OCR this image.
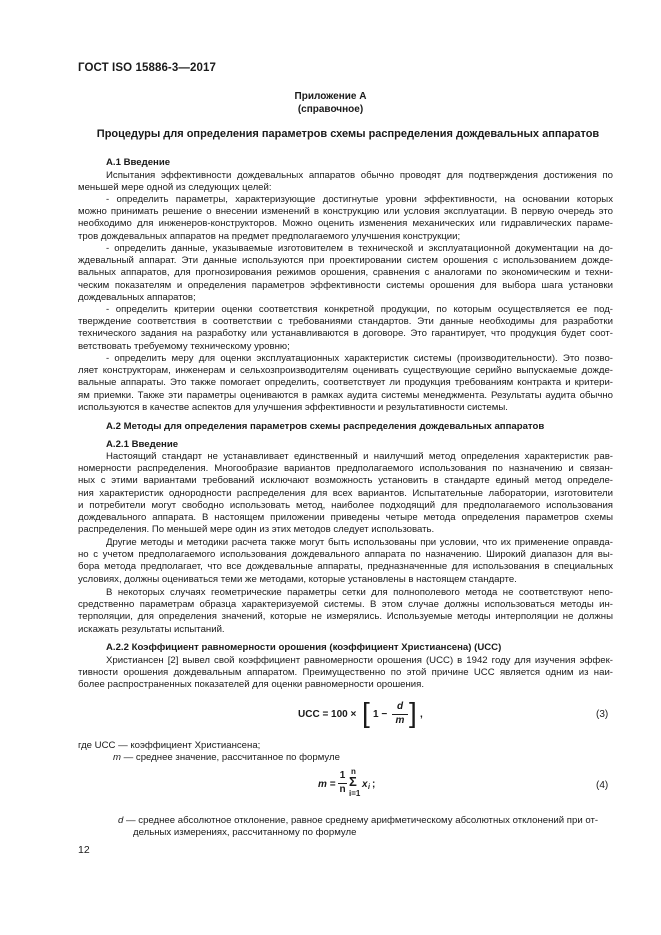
ГОСТ ISO 15886-3—2017
Приложение А
(справочное)
Процедуры для определения параметров схемы распределения дождевальных аппаратов
А.1 Введение
Испытания эффективности дождевальных аппаратов обычно проводят для подтверждения достижения по
меньшей мере одной из следующих целей:
- определить параметры, характеризующие достигнутые уровни эффективности, на основании которых
можно принимать решение о внесении изменений в конструкцию или условия эксплуатации. В первую очередь это
необходимо для инженеров-конструкторов. Можно оценить изменения механических или гидравлических параме-
тров дождевальных аппаратов на предмет предполагаемого улучшения конструкции;
- определить данные, указываемые изготовителем в технической и эксплуатационной документации на до-
ждевальный аппарат. Эти данные используются при проектировании систем орошения с использованием дожде-
вальных аппаратов, для прогнозирования режимов орошения, сравнения с аналогами по экономическим и техни-
ческим показателям и определения параметров эффективности системы орошения для выбора шага установки
дождевальных аппаратов;
- определить критерии оценки соответствия конкретной продукции, по которым осуществляется ее под-
тверждение соответствия в соответствии с требованиями стандартов. Эти данные необходимы для разработки
технического задания на разработку или устанавливаются в договоре. Это гарантирует, что продукция будет соот-
ветствовать требуемому техническому уровню;
- определить меру для оценки эксплуатационных характеристик системы (производительности). Это позво-
ляет конструкторам, инженерам и сельхозпроизводителям оценивать существующие серийно выпускаемые дожде-
вальные аппараты. Это также помогает определить, соответствует ли продукция требованиям контракта и критери-
ям приемки. Также эти параметры оцениваются в рамках аудита системы менеджмента. Результаты аудита обычно
используются в качестве аспектов для улучшения эффективности и результативности системы.
А.2 Методы для определения параметров схемы распределения дождевальных аппаратов
А.2.1 Введение
Настоящий стандарт не устанавливает единственный и наилучший метод определения характеристик рав-
номерности распределения. Многообразие вариантов предполагаемого использования по назначению и связан-
ных с этими вариантами требований исключают возможность установить в стандарте единый метод определе-
ния характеристик однородности распределения для всех вариантов. Испытательные лаборатории, изготовители
и потребители могут свободно использовать метод, наиболее подходящий для предполагаемого использования
дождевального аппарата. В настоящем приложении приведены четыре метода определения параметров схемы
распределения. По меньшей мере один из этих методов следует использовать.
Другие методы и методики расчета также могут быть использованы при условии, что их применение оправда-
но с учетом предполагаемого использования дождевального аппарата по назначению. Широкий диапазон для вы-
бора метода предполагает, что все дождевальные аппараты, предназначенные для использования в специальных
условиях, должны оцениваться теми же методами, которые установлены в настоящем стандарте.
В некоторых случаях геометрические параметры сетки для полнополевого метода не соответствуют непо-
средственно параметрам образца характеризуемой системы. В этом случае должны использоваться методы ин-
терполяции, для определения значений, которые не измерялись. Используемые методы интерполяции не должны
искажать результаты испытаний.
А.2.2 Коэффициент равномерности орошения (коэффициент Христиансена) (UCC)
Христиансен [2] вывел свой коэффициент равномерности орошения (UCC) в 1942 году для изучения эффек-
тивности орошения дождевальным аппаратом. Преимущественно по этой причине UCC является одним из наи-
более распространенных показателей для оценки равномерности орошения.
UCC = 100 × [ 1 −
d
m ] ,	(3)
где UCC — коэффициент Христиансена;
m — среднее значение, рассчитанное по формуле
m =
1
n
n
Σ
i=1
x i ;	(4)
d — среднее абсолютное отклонение, равное среднему арифметическому абсолютных отклонений при от-
дельных измерениях, рассчитанному по формуле
12
